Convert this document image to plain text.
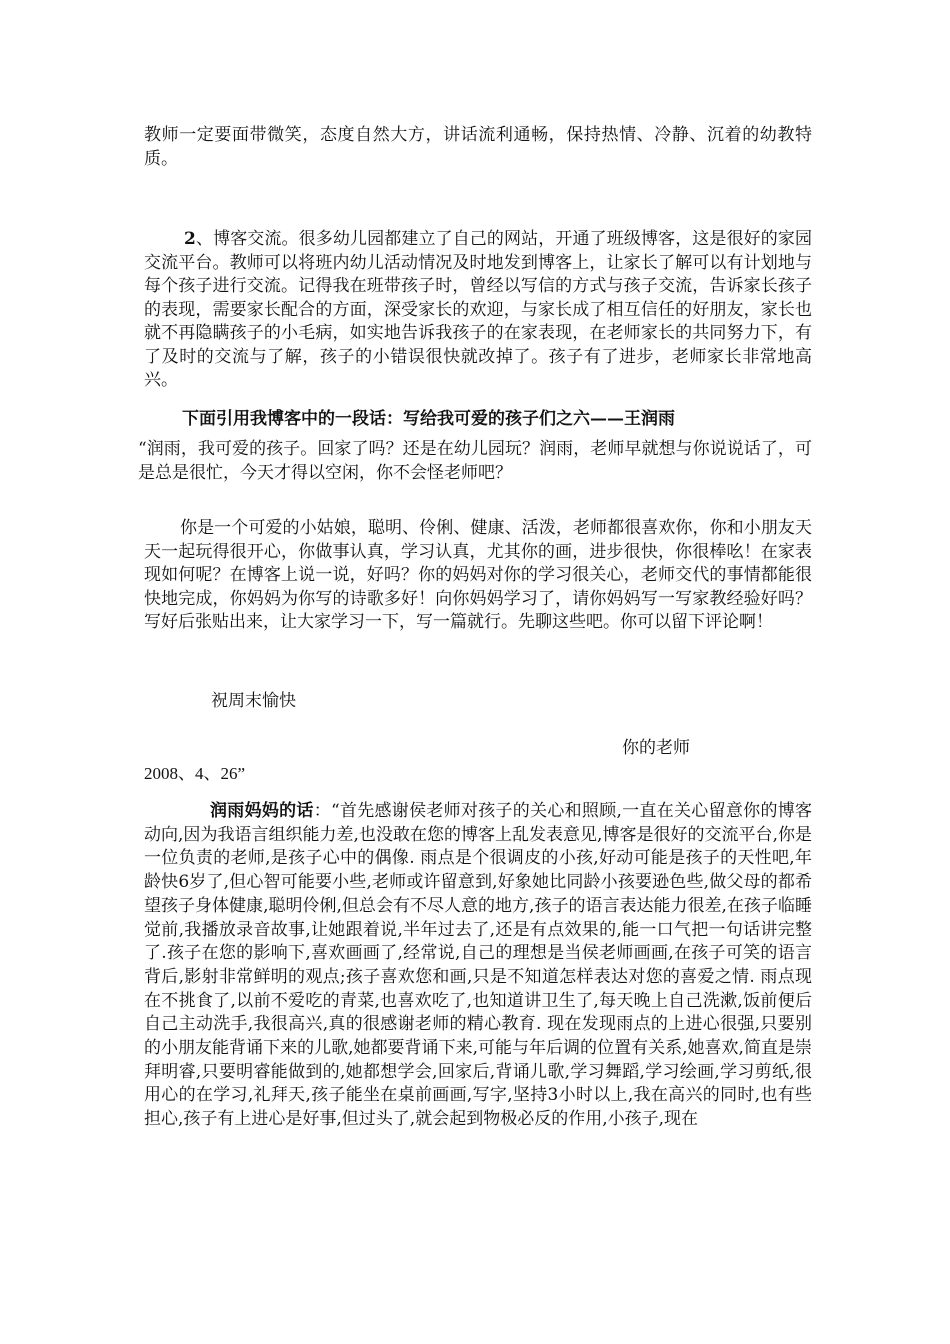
教师一定要面带微笑，态度自然大方，讲话流利通畅，保持热情、冷静、沉着的幼教特质。

2、博客交流。很多幼儿园都建立了自己的网站，开通了班级博客，这是很好的家园交流平台。教师可以将班内幼儿活动情况及时地发到博客上，让家长了解可以有计划地与每个孩子进行交流。记得我在班带孩子时，曾经以写信的方式与孩子交流，告诉家长孩子的表现，需要家长配合的方面，深受家长的欢迎，与家长成了相互信任的好朋友，家长也就不再隐瞒孩子的小毛病，如实地告诉我孩子的在家表现，在老师家长的共同努力下，有了及时的交流与了解，孩子的小错误很快就改掉了。孩子有了进步，老师家长非常地高兴。

下面引用我博客中的一段话：写给我可爱的孩子们之六——王润雨

“润雨，我可爱的孩子。回家了吗？还是在幼儿园玩？润雨，老师早就想与你说说话了，可是总是很忙，今天才得以空闲，你不会怪老师吧？

你是一个可爱的小姑娘，聪明、伶俐、健康、活泼，老师都很喜欢你，你和小朋友天天一起玩得很开心，你做事认真，学习认真，尤其你的画，进步很快，你很棒吆！在家表现如何呢？在博客上说一说，好吗？你的妈妈对你的学习很关心，老师交代的事情都能很快地完成，你妈妈为你写的诗歌多好！向你妈妈学习了，请你妈妈写一写家教经验好吗？写好后张贴出来，让大家学习一下，写一篇就行。先聊这些吧。你可以留下评论啊！

祝周末愉快

你的老师

2008、4、26”

润雨妈妈的话：“首先感谢侯老师对孩子的关心和照顾,一直在关心留意你的博客动向,因为我语言组织能力差,也没敢在您的博客上乱发表意见,博客是很好的交流平台,你是一位负责的老师,是孩子心中的偶像. 雨点是个很调皮的小孩,好动可能是孩子的天性吧,年龄快6岁了,但心智可能要小些,老师或许留意到,好象她比同龄小孩要逊色些,做父母的都希望孩子身体健康,聪明伶俐,但总会有不尽人意的地方,孩子的语言表达能力很差,在孩子临睡觉前,我播放录音故事,让她跟着说,半年过去了,还是有点效果的,能一口气把一句话讲完整了.孩子在您的影响下,喜欢画画了,经常说,自己的理想是当侯老师画画,在孩子可笑的语言背后,影射非常鲜明的观点;孩子喜欢您和画,只是不知道怎样表达对您的喜爱之情. 雨点现在不挑食了,以前不爱吃的青菜,也喜欢吃了,也知道讲卫生了,每天晚上自己洗漱,饭前便后自己主动洗手,我很高兴,真的很感谢老师的精心教育. 现在发现雨点的上进心很强,只要别的小朋友能背诵下来的儿歌,她都要背诵下来,可能与年后调的位置有关系,她喜欢,简直是崇拜明睿,只要明睿能做到的,她都想学会,回家后,背诵儿歌,学习舞蹈,学习绘画,学习剪纸,很用心的在学习,礼拜天,孩子能坐在桌前画画,写字,坚持3小时以上,我在高兴的同时,也有些担心,孩子有上进心是好事,但过头了,就会起到物极必反的作用,小孩子,现在
